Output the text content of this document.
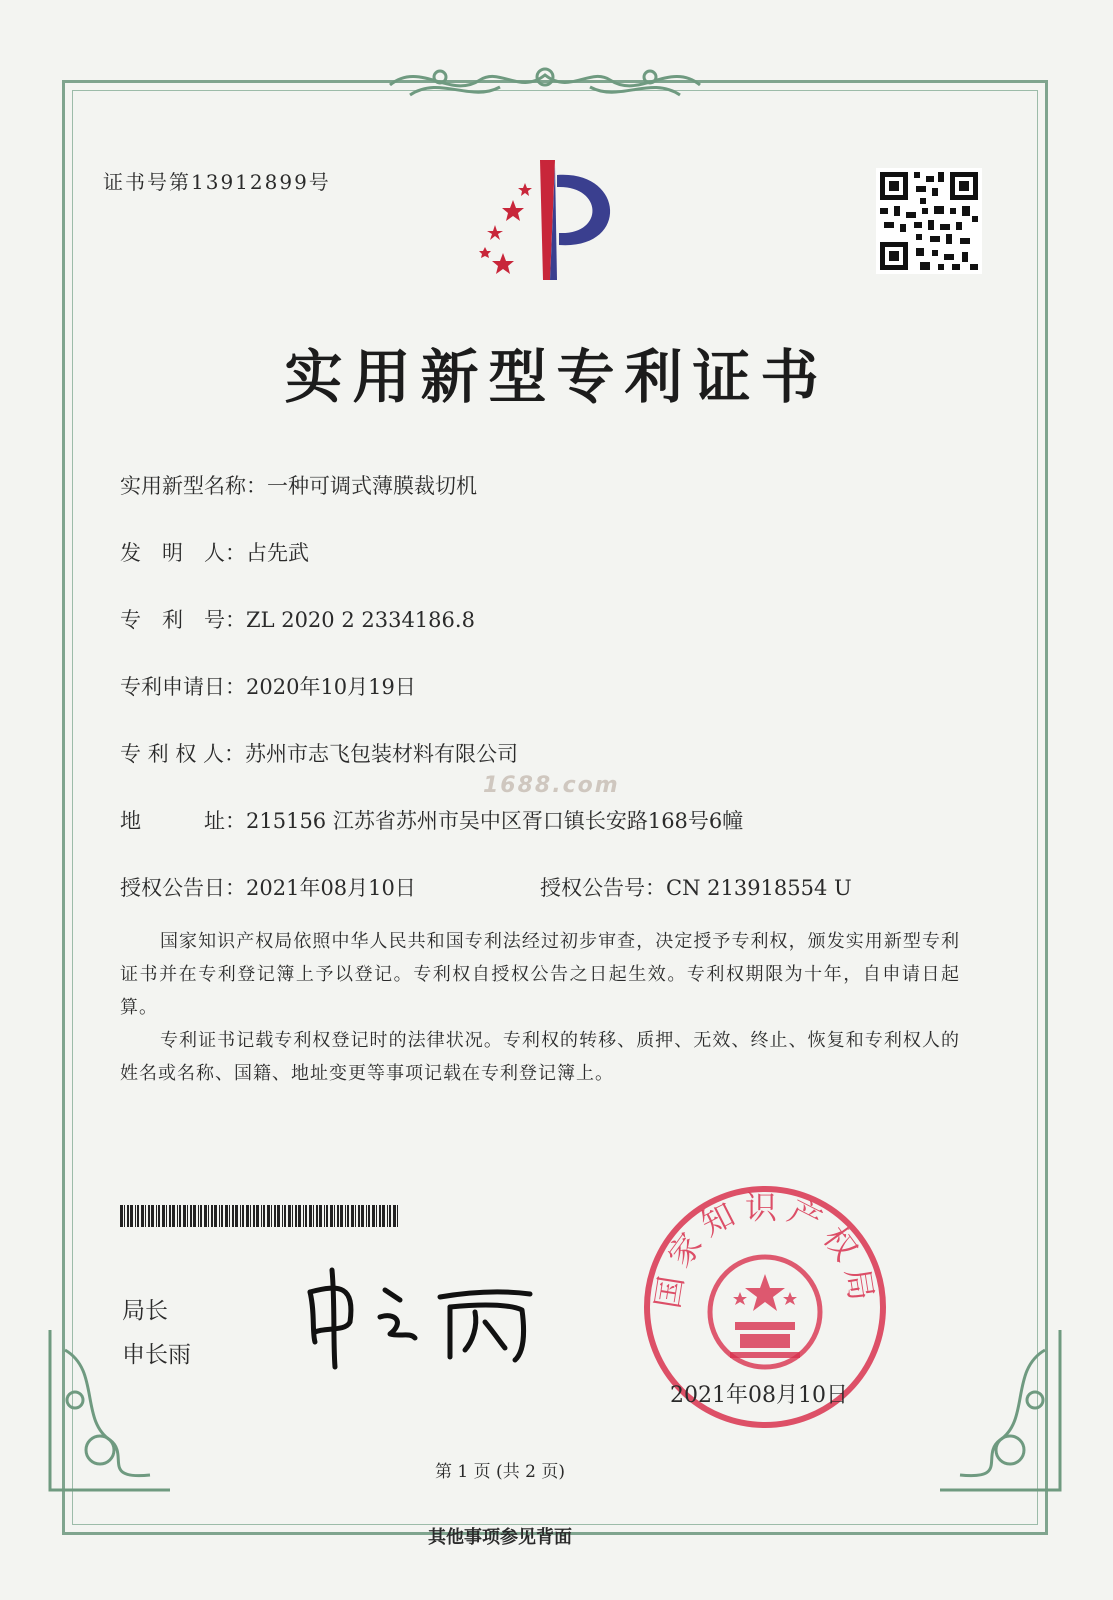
证书号第13912899号
实用新型专利证书
实用新型名称：一种可调式薄膜裁切机
发　明　人：占先武
专　利　号：ZL 2020 2 2334186.8
专利申请日：2020年10月19日
专 利 权 人：苏州市志飞包装材料有限公司
地　　　址：215156 江苏省苏州市吴中区胥口镇长安路168号6幢
授权公告日：2021年08月10日	授权公告号：CN 213918554 U
1688.com

国家知识产权局依照中华人民共和国专利法经过初步审查，决定授予专利权，颁发实用新型专利证书并在专利登记簿上予以登记。专利权自授权公告之日起生效。专利权期限为十年，自申请日起算。

专利证书记载专利权登记时的法律状况。专利权的转移、质押、无效、终止、恢复和专利权人的姓名或名称、国籍、地址变更等事项记载在专利登记簿上。

局长
申长雨
国家知识产权局
2021年08月10日
第 1 页 (共 2 页)
其他事项参见背面
